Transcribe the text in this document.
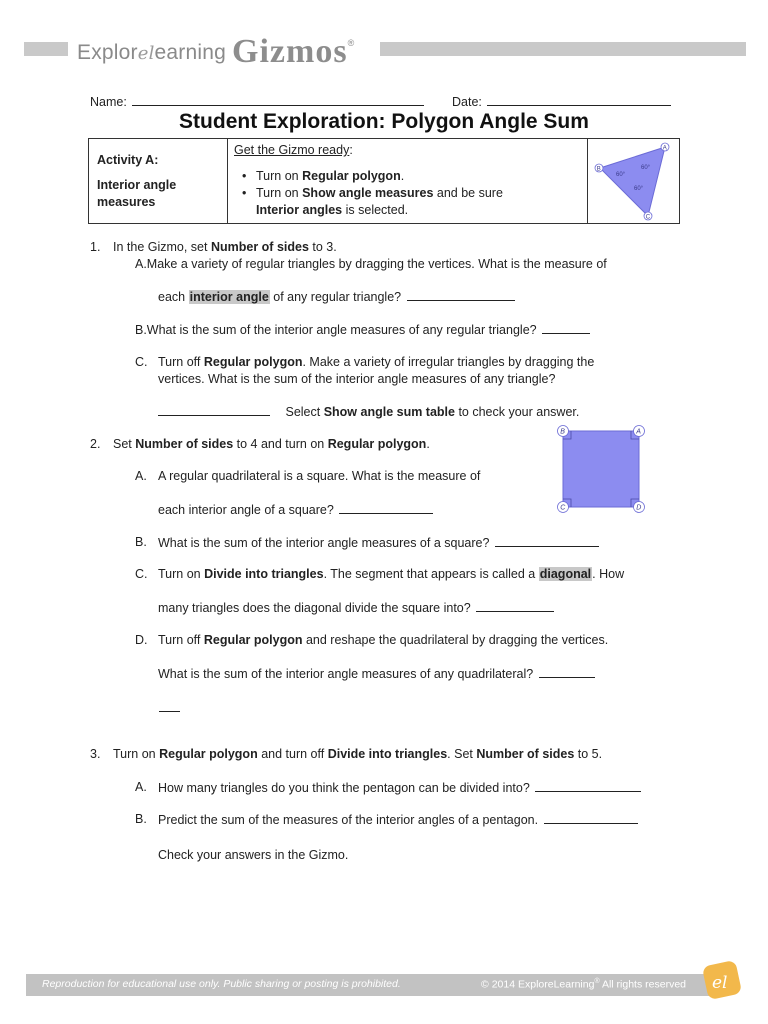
Explorelearning Gizmos®
Name:	Date:
Student Exploration: Polygon Angle Sum
Activity A:
Interior angle
measures
Get the Gizmo ready:
• Turn on Regular polygon.
• Turn on Show angle measures and be sure
Interior angles is selected.
60°
60°
60°
A
B
C
1. In the Gizmo, set Number of sides to 3.
A.Make a variety of regular triangles by dragging the vertices. What is the measure of
each interior angle of any regular triangle?
B.What is the sum of the interior angle measures of any regular triangle?
C. Turn off Regular polygon. Make a variety of irregular triangles by dragging the
vertices. What is the sum of the interior angle measures of any triangle?
Select Show angle sum table to check your answer.
2. Set Number of sides to 4 and turn on Regular polygon.
B	A
C	D
A. A regular quadrilateral is a square. What is the measure of
each interior angle of a square?
B. What is the sum of the interior angle measures of a square?
C. Turn on Divide into triangles. The segment that appears is called a diagonal. How
many triangles does the diagonal divide the square into?
D. Turn off Regular polygon and reshape the quadrilateral by dragging the vertices.
What is the sum of the interior angle measures of any quadrilateral?
3. Turn on Regular polygon and turn off Divide into triangles. Set Number of sides to 5.
A. How many triangles do you think the pentagon can be divided into?
B. Predict the sum of the measures of the interior angles of a pentagon.
Check your answers in the Gizmo.
Reproduction for educational use only. Public sharing or posting is prohibited.	© 2014 ExploreLearning® All rights reserved el
